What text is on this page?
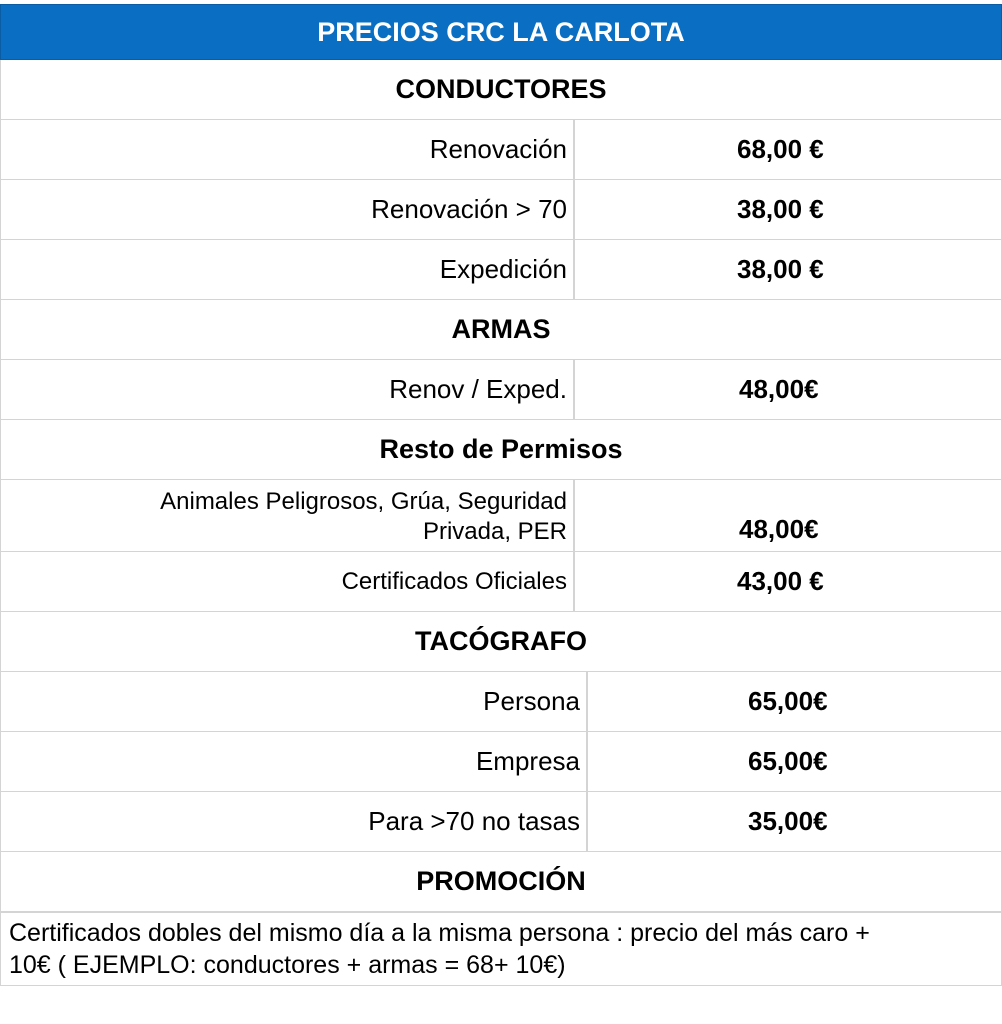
PRECIOS CRC LA CARLOTA
CONDUCTORES
Renovación	68,00 €
Renovación > 70	38,00 €
Expedición	38,00 €
ARMAS
Renov / Exped.	48,00€
Resto de Permisos
Animales Peligrosos, Grúa, Seguridad
Privada, PER	48,00€
Certificados Oficiales	43,00 €
TACÓGRAFO
Persona	65,00€
Empresa	65,00€
Para >70 no tasas	35,00€
PROMOCIÓN
Certificados dobles del mismo día a la misma persona : precio del más caro +
10€ ( EJEMPLO: conductores + armas = 68+ 10€)
